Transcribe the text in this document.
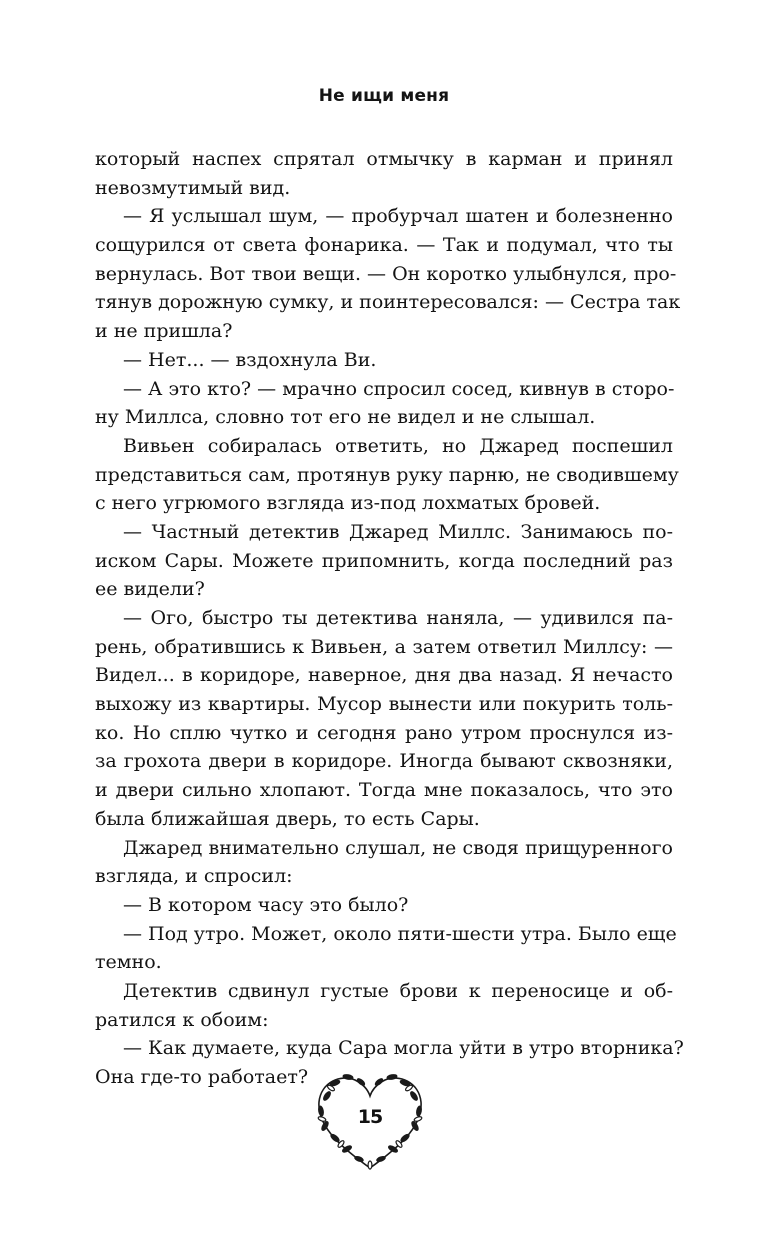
Не ищи меня
который наспех спрятал отмычку в карман и принял
невозмутимый вид.
— Я услышал шум, — пробурчал шатен и болезненно
сощурился от света фонарика. — Так и подумал, что ты
вернулась. Вот твои вещи. — Он коротко улыбнулся, про-
тянув дорожную сумку, и поинтересовался: — Сестра так
и не пришла?
— Нет... — вздохнула Ви.
— А это кто? — мрачно спросил сосед, кивнув в сторо-
ну Миллса, словно тот его не видел и не слышал.
Вивьен собиралась ответить, но Джаред поспешил
представиться сам, протянув руку парню, не сводившему
с него угрюмого взгляда из-под лохматых бровей.
— Частный детектив Джаред Миллс. Занимаюсь по-
иском Сары. Можете припомнить, когда последний раз
ее видели?
— Ого, быстро ты детектива наняла, — удивился па-
рень, обратившись к Вивьен, а затем ответил Миллсу: —
Видел... в коридоре, наверное, дня два назад. Я нечасто
выхожу из квартиры. Мусор вынести или покурить толь-
ко. Но сплю чутко и сегодня рано утром проснулся из-
за грохота двери в коридоре. Иногда бывают сквозняки,
и двери сильно хлопают. Тогда мне показалось, что это
была ближайшая дверь, то есть Сары.
Джаред внимательно слушал, не сводя прищуренного
взгляда, и спросил:
— В котором часу это было?
— Под утро. Может, около пяти-шести утра. Было еще
темно.
Детектив сдвинул густые брови к переносице и об-
ратился к обоим:
— Как думаете, куда Сара могла уйти в утро вторника?
Она где-то работает?
15
